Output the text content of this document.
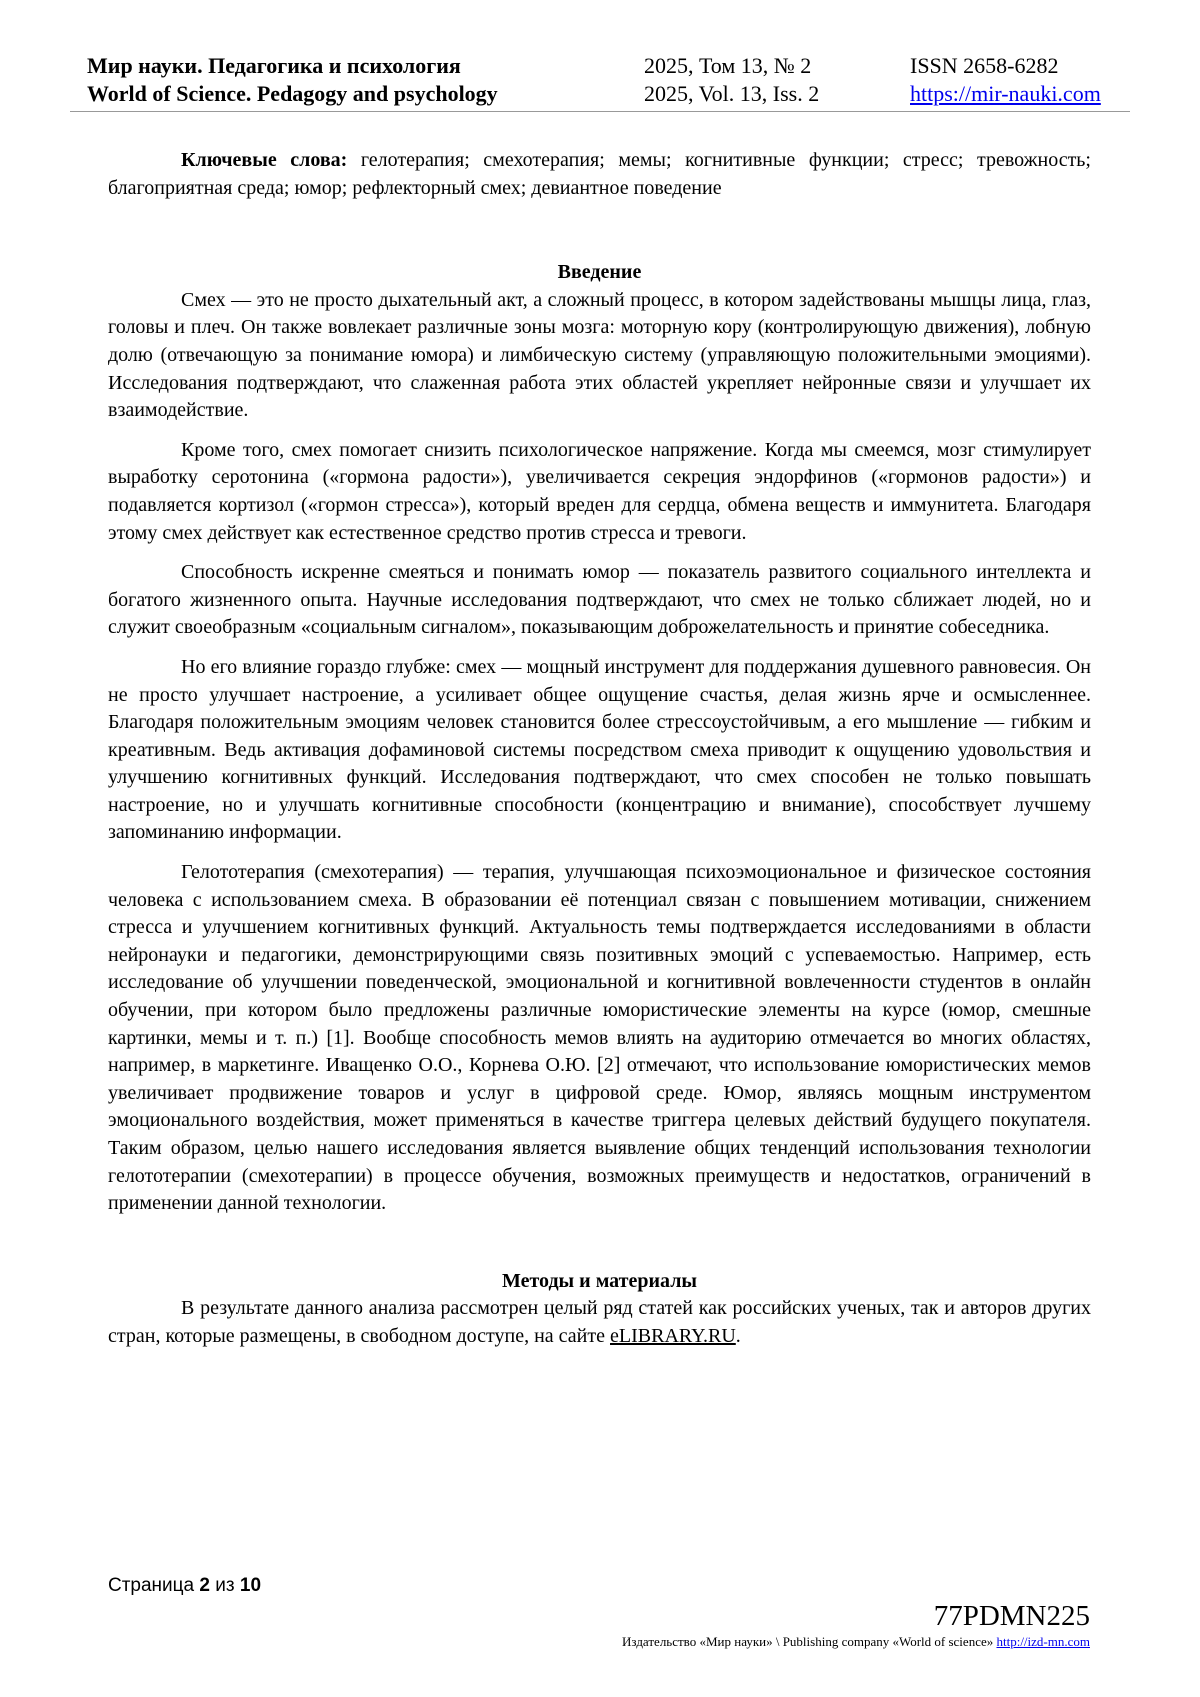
Мир науки. Педагогика и психология	2025, Том 13, № 2	ISSN 2658-6282
World of Science. Pedagogy and psychology	2025, Vol. 13, Iss. 2	https://mir-nauki.com

Ключевые слова: гелотерапия; смехотерапия; мемы; когнитивные функции; стресс; тревожность; благоприятная среда; юмор; рефлекторный смех; девиантное поведение

Введение

Смех — это не просто дыхательный акт, а сложный процесс, в котором задействованы мышцы лица, глаз, головы и плеч. Он также вовлекает различные зоны мозга: моторную кору (контролирующую движения), лобную долю (отвечающую за понимание юмора) и лимбическую систему (управляющую положительными эмоциями). Исследования подтверждают, что слаженная работа этих областей укрепляет нейронные связи и улучшает их взаимодействие.

Кроме того, смех помогает снизить психологическое напряжение. Когда мы смеемся, мозг стимулирует выработку серотонина («гормона радости»), увеличивается секреция эндорфинов («гормонов радости») и подавляется кортизол («гормон стресса»), который вреден для сердца, обмена веществ и иммунитета. Благодаря этому смех действует как естественное средство против стресса и тревоги.

Способность искренне смеяться и понимать юмор — показатель развитого социального интеллекта и богатого жизненного опыта. Научные исследования подтверждают, что смех не только сближает людей, но и служит своеобразным «социальным сигналом», показывающим доброжелательность и принятие собеседника.

Но его влияние гораздо глубже: смех — мощный инструмент для поддержания душевного равновесия. Он не просто улучшает настроение, а усиливает общее ощущение счастья, делая жизнь ярче и осмысленнее. Благодаря положительным эмоциям человек становится более стрессоустойчивым, а его мышление — гибким и креативным. Ведь активация дофаминовой системы посредством смеха приводит к ощущению удовольствия и улучшению когнитивных функций. Исследования подтверждают, что смех способен не только повышать настроение, но и улучшать когнитивные способности (концентрацию и внимание), способствует лучшему запоминанию информации.

Гелототерапия (смехотерапия) — терапия, улучшающая психоэмоциональное и физическое состояния человека с использованием смеха. В образовании её потенциал связан с повышением мотивации, снижением стресса и улучшением когнитивных функций. Актуальность темы подтверждается исследованиями в области нейронауки и педагогики, демонстрирующими связь позитивных эмоций с успеваемостью. Например, есть исследование об улучшении поведенческой, эмоциональной и когнитивной вовлеченности студентов в онлайн обучении, при котором было предложены различные юмористические элементы на курсе (юмор, смешные картинки, мемы и т. п.) [1]. Вообще способность мемов влиять на аудиторию отмечается во многих областях, например, в маркетинге. Иващенко О.О., Корнева О.Ю. [2] отмечают, что использование юмористических мемов увеличивает продвижение товаров и услуг в цифровой среде. Юмор, являясь мощным инструментом эмоционального воздействия, может применяться в качестве триггера целевых действий будущего покупателя. Таким образом, целью нашего исследования является выявление общих тенденций использования технологии гелототерапии (смехотерапии) в процессе обучения, возможных преимуществ и недостатков, ограничений в применении данной технологии.

Методы и материалы

В результате данного анализа рассмотрен целый ряд статей как российских ученых, так и авторов других стран, которые размещены, в свободном доступе, на сайте eLIBRARY.RU.

Страница 2 из 10
77PDMN225
Издательство «Мир науки» \ Publishing company «World of science» http://izd-mn.com
